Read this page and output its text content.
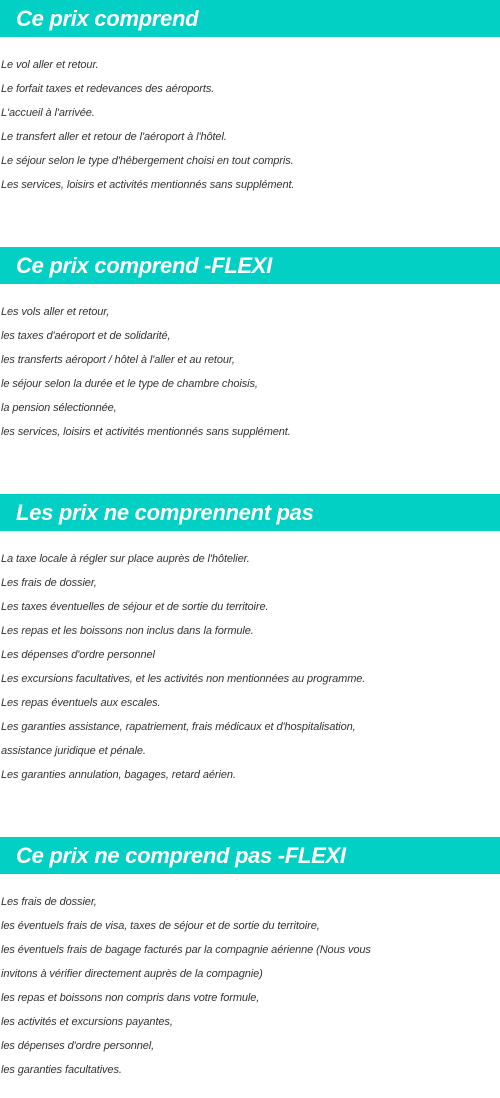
Ce prix comprend
Le vol aller et retour.
Le forfait taxes et redevances des aéroports.
L'accueil à l'arrivée.
Le transfert aller et retour de l'aéroport à l'hôtel.
Le séjour selon le type d'hébergement choisi en tout compris.
Les services, loisirs et activités mentionnés sans supplément.
Ce prix comprend -FLEXI
Les vols aller et retour,
les taxes d'aéroport et de solidarité,
les transferts aéroport / hôtel à l'aller et au retour,
le séjour selon la durée et le type de chambre choisis,
la pension sélectionnée,
les services, loisirs et activités mentionnés sans supplément.
Les prix ne comprennent pas
La taxe locale à régler sur place auprès de l'hôtelier.
Les frais de dossier,
Les taxes éventuelles de séjour et de sortie du territoire.
Les repas et les boissons non inclus dans la formule.
Les dépenses d'ordre personnel
Les excursions facultatives, et les activités non mentionnées au programme.
Les repas éventuels aux escales.
Les garanties assistance, rapatriement, frais médicaux et d'hospitalisation,
assistance juridique et pénale.
Les garanties annulation, bagages, retard aérien.
Ce prix ne comprend pas -FLEXI
Les frais de dossier,
les éventuels frais de visa, taxes de séjour et de sortie du territoire,
les éventuels frais de bagage facturés par la compagnie aérienne (Nous vous
invitons à vérifier directement auprès de la compagnie)
les repas et boissons non compris dans votre formule,
les activités et excursions payantes,
les dépenses d'ordre personnel,
les garanties facultatives.
